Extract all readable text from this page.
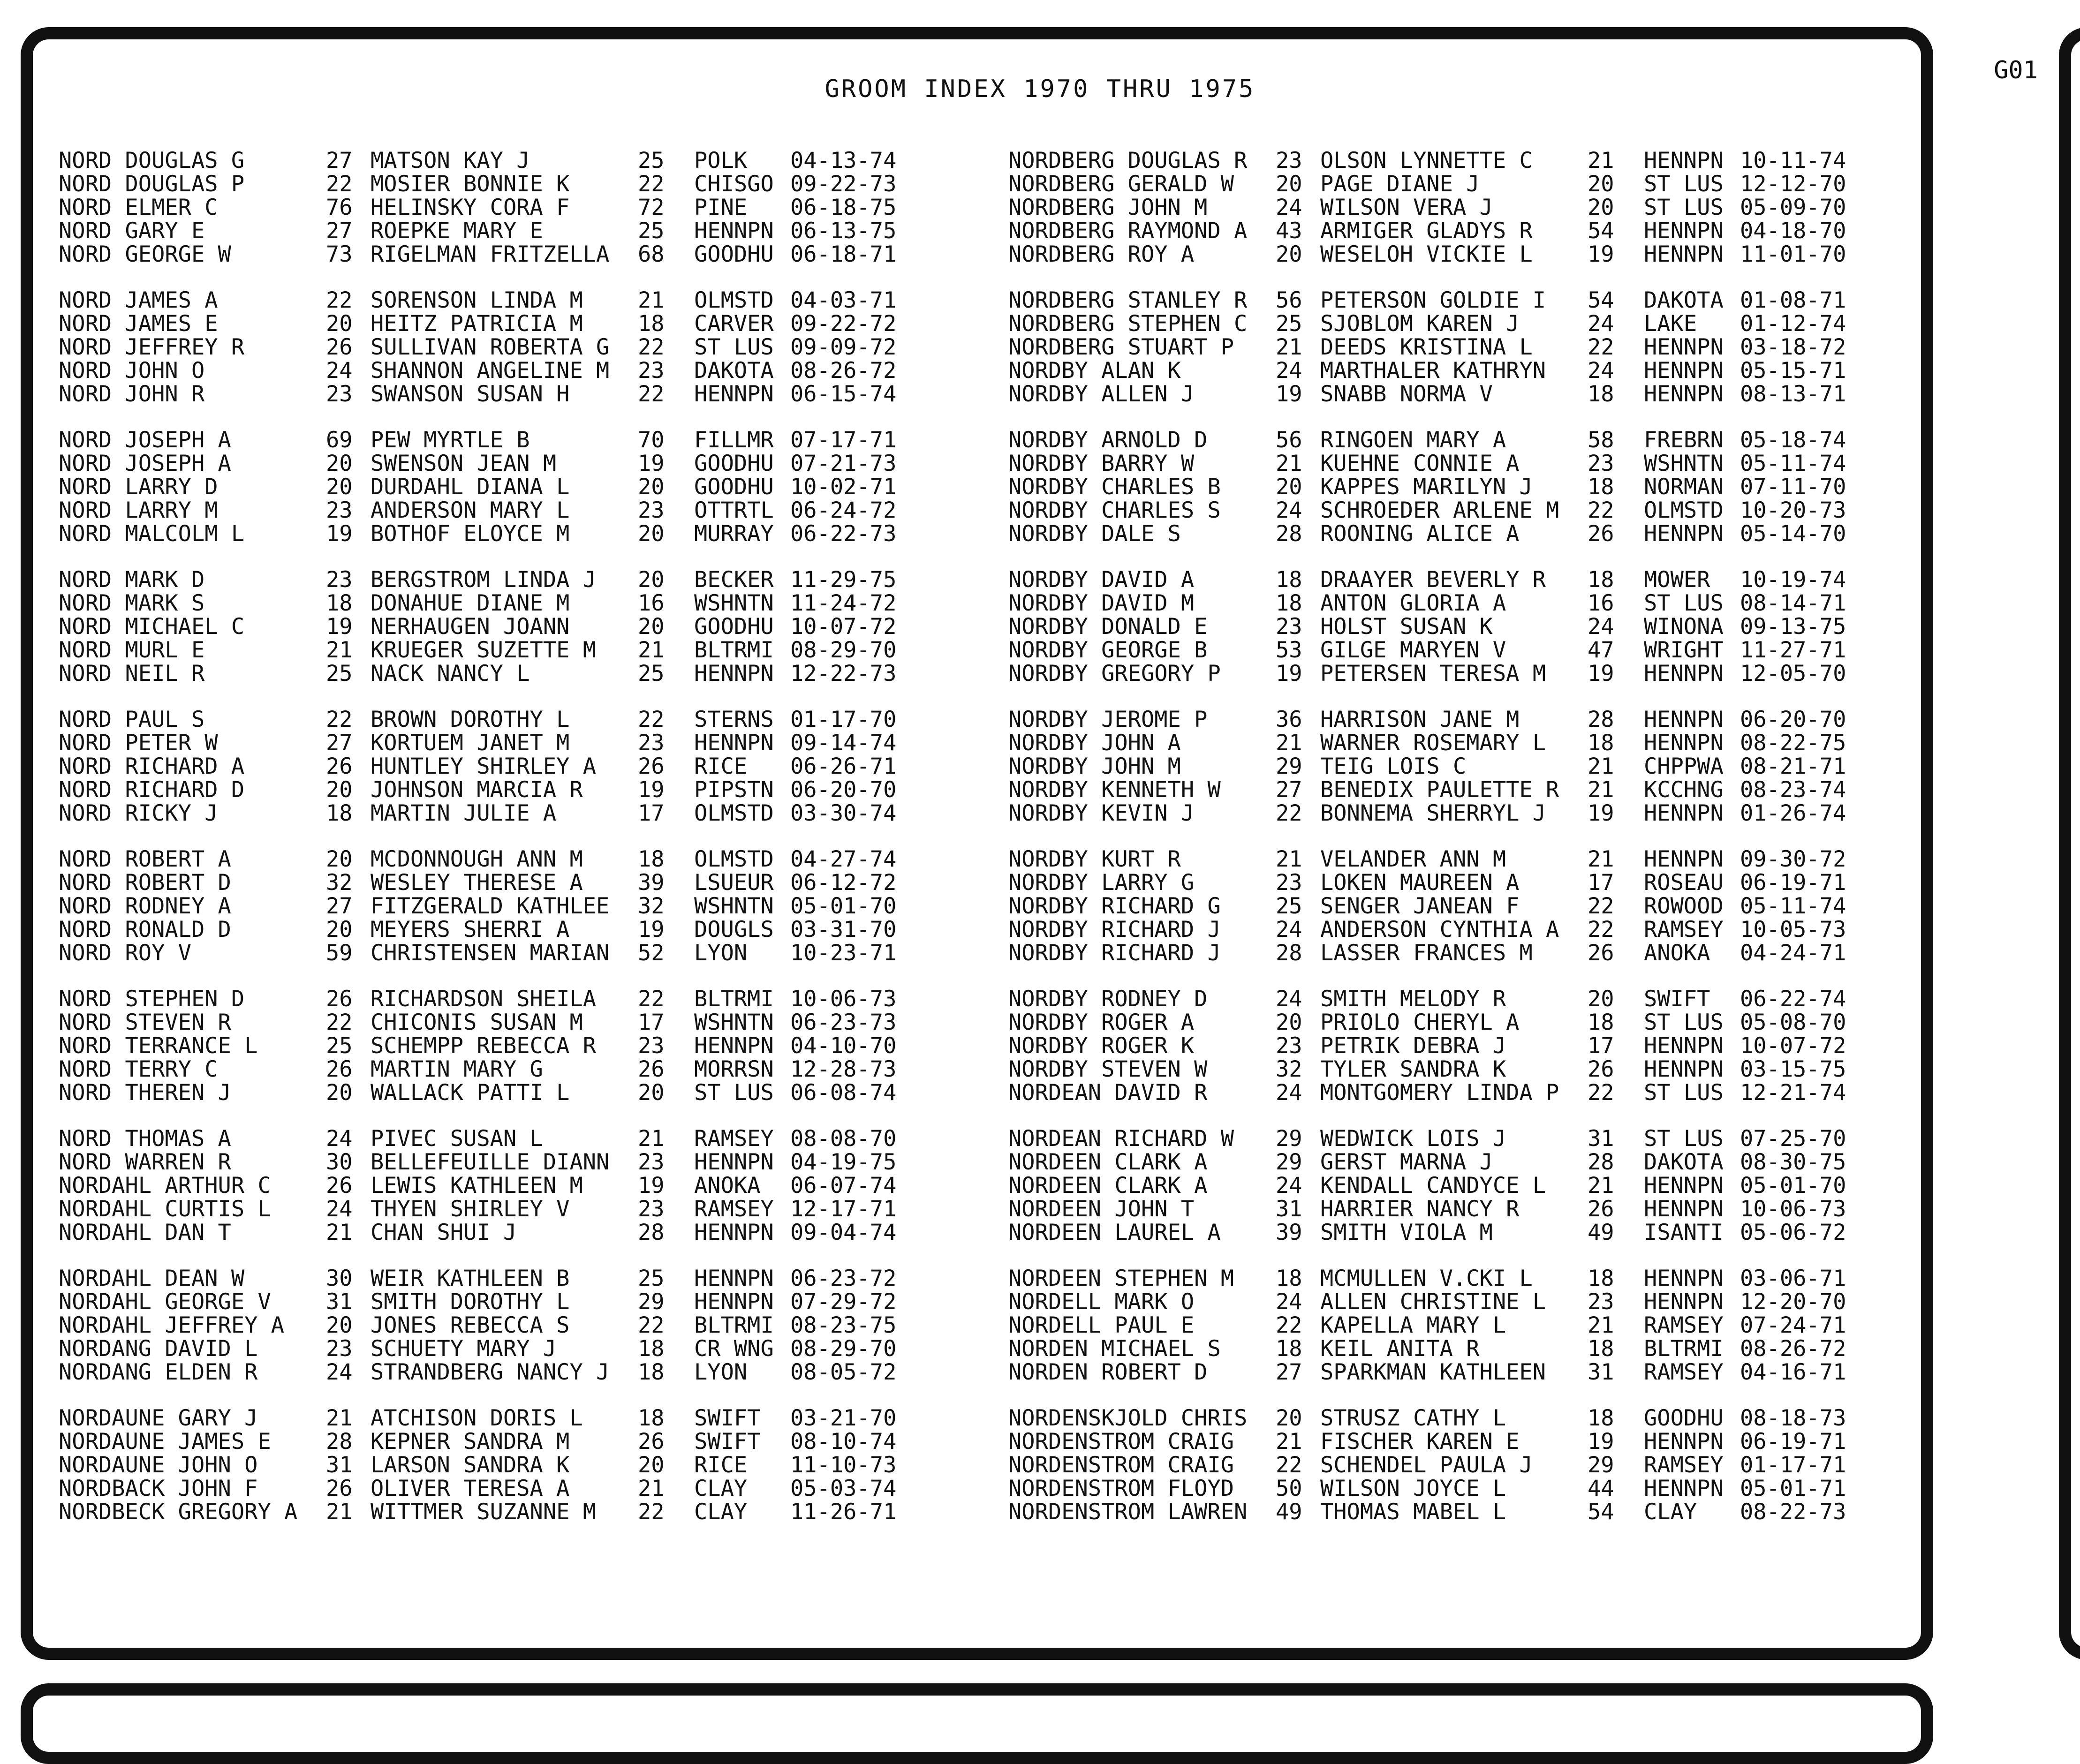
GROOM INDEX 1970 THRU 1975
G01
NORD DOUGLAS G	27 MATSON KAY J	25	POLK	04-13-74
NORD DOUGLAS P	22 MOSIER BONNIE K	22	CHISGO 09-22-73
NORD ELMER C	76 HELINSKY CORA F	72	PINE	06-18-75
NORD GARY E	27 ROEPKE MARY E	25	HENNPN 06-13-75
NORD GEORGE W	73 RIGELMAN FRITZELLA	68	GOODHU 06-18-71
NORD JAMES A	22 SORENSON LINDA M	21	OLMSTD 04-03-71
NORD JAMES E	20 HEITZ PATRICIA M	18	CARVER 09-22-72
NORD JEFFREY R	26 SULLIVAN ROBERTA G	22	ST LUS 09-09-72
NORD JOHN O	24 SHANNON ANGELINE M	23	DAKOTA 08-26-72
NORD JOHN R	23 SWANSON SUSAN H	22	HENNPN 06-15-74
NORD JOSEPH A	69 PEW MYRTLE B	70	FILLMR 07-17-71
NORD JOSEPH A	20 SWENSON JEAN M	19	GOODHU 07-21-73
NORD LARRY D	20 DURDAHL DIANA L	20	GOODHU 10-02-71
NORD LARRY M	23 ANDERSON MARY L	23	OTTRTL 06-24-72
NORD MALCOLM L	19 BOTHOF ELOYCE M	20	MURRAY 06-22-73
NORD MARK D	23 BERGSTROM LINDA J	20	BECKER 11-29-75
NORD MARK S	18 DONAHUE DIANE M	16	WSHNTN 11-24-72
NORD MICHAEL C	19 NERHAUGEN JOANN	20	GOODHU 10-07-72
NORD MURL E	21 KRUEGER SUZETTE M	21	BLTRMI 08-29-70
NORD NEIL R	25 NACK NANCY L	25	HENNPN 12-22-73
NORD PAUL S	22 BROWN DOROTHY L	22	STERNS 01-17-70
NORD PETER W	27 KORTUEM JANET M	23	HENNPN 09-14-74
NORD RICHARD A	26 HUNTLEY SHIRLEY A	26	RICE	06-26-71
NORD RICHARD D	20 JOHNSON MARCIA R	19	PIPSTN 06-20-70
NORD RICKY J	18 MARTIN JULIE A	17	OLMSTD 03-30-74
NORD ROBERT A	20 MCDONNOUGH ANN M	18	OLMSTD 04-27-74
NORD ROBERT D	32 WESLEY THERESE A	39	LSUEUR 06-12-72
NORD RODNEY A	27 FITZGERALD KATHLEE	32	WSHNTN 05-01-70
NORD RONALD D	20 MEYERS SHERRI A	19	DOUGLS 03-31-70
NORD ROY V	59 CHRISTENSEN MARIAN	52	LYON	10-23-71
NORD STEPHEN D	26 RICHARDSON SHEILA	22	BLTRMI 10-06-73
NORD STEVEN R	22 CHICONIS SUSAN M	17	WSHNTN 06-23-73
NORD TERRANCE L	25 SCHEMPP REBECCA R	23	HENNPN 04-10-70
NORD TERRY C	26 MARTIN MARY G	26	MORRSN 12-28-73
NORD THEREN J	20 WALLACK PATTI L	20	ST LUS 06-08-74
NORD THOMAS A	24 PIVEC SUSAN L	21	RAMSEY 08-08-70
NORD WARREN R	30 BELLEFEUILLE DIANN	23	HENNPN 04-19-75
NORDAHL ARTHUR C	26 LEWIS KATHLEEN M	19	ANOKA	06-07-74
NORDAHL CURTIS L	24 THYEN SHIRLEY V	23	RAMSEY 12-17-71
NORDAHL DAN T	21 CHAN SHUI J	28	HENNPN 09-04-74
NORDAHL DEAN W	30 WEIR KATHLEEN B	25	HENNPN 06-23-72
NORDAHL GEORGE V	31 SMITH DOROTHY L	29	HENNPN 07-29-72
NORDAHL JEFFREY A	20 JONES REBECCA S	22	BLTRMI 08-23-75
NORDANG DAVID L	23 SCHUETY MARY J	18	CR WNG 08-29-70
NORDANG ELDEN R	24 STRANDBERG NANCY J	18	LYON	08-05-72
NORDAUNE GARY J	21 ATCHISON DORIS L	18	SWIFT	03-21-70
NORDAUNE JAMES E	28 KEPNER SANDRA M	26	SWIFT	08-10-74
NORDAUNE JOHN O	31 LARSON SANDRA K	20	RICE	11-10-73
NORDBACK JOHN F	26 OLIVER TERESA A	21	CLAY	05-03-74
NORDBECK GREGORY A	21 WITTMER SUZANNE M	22	CLAY	11-26-71
NORDBERG DOUGLAS R	23 OLSON LYNNETTE C	21	HENNPN 10-11-74
NORDBERG GERALD W	20 PAGE DIANE J	20	ST LUS 12-12-70
NORDBERG JOHN M	24 WILSON VERA J	20	ST LUS 05-09-70
NORDBERG RAYMOND A	43 ARMIGER GLADYS R	54	HENNPN 04-18-70
NORDBERG ROY A	20 WESELOH VICKIE L	19	HENNPN 11-01-70
NORDBERG STANLEY R	56 PETERSON GOLDIE I	54	DAKOTA 01-08-71
NORDBERG STEPHEN C	25 SJOBLOM KAREN J	24	LAKE	01-12-74
NORDBERG STUART P	21 DEEDS KRISTINA L	22	HENNPN 03-18-72
NORDBY ALAN K	24 MARTHALER KATHRYN	24	HENNPN 05-15-71
NORDBY ALLEN J	19 SNABB NORMA V	18	HENNPN 08-13-71
NORDBY ARNOLD D	56 RINGOEN MARY A	58	FREBRN 05-18-74
NORDBY BARRY W	21 KUEHNE CONNIE A	23	WSHNTN 05-11-74
NORDBY CHARLES B	20 KAPPES MARILYN J	18	NORMAN 07-11-70
NORDBY CHARLES S	24 SCHROEDER ARLENE M	22	OLMSTD 10-20-73
NORDBY DALE S	28 ROONING ALICE A	26	HENNPN 05-14-70
NORDBY DAVID A	18 DRAAYER BEVERLY R	18	MOWER	10-19-74
NORDBY DAVID M	18 ANTON GLORIA A	16	ST LUS 08-14-71
NORDBY DONALD E	23 HOLST SUSAN K	24	WINONA 09-13-75
NORDBY GEORGE B	53 GILGE MARYEN V	47	WRIGHT 11-27-71
NORDBY GREGORY P	19 PETERSEN TERESA M	19	HENNPN 12-05-70
NORDBY JEROME P	36 HARRISON JANE M	28	HENNPN 06-20-70
NORDBY JOHN A	21 WARNER ROSEMARY L	18	HENNPN 08-22-75
NORDBY JOHN M	29 TEIG LOIS C	21	CHPPWA 08-21-71
NORDBY KENNETH W	27 BENEDIX PAULETTE R	21	KCCHNG 08-23-74
NORDBY KEVIN J	22 BONNEMA SHERRYL J	19	HENNPN 01-26-74
NORDBY KURT R	21 VELANDER ANN M	21	HENNPN 09-30-72
NORDBY LARRY G	23 LOKEN MAUREEN A	17	ROSEAU 06-19-71
NORDBY RICHARD G	25 SENGER JANEAN F	22	ROWOOD 05-11-74
NORDBY RICHARD J	24 ANDERSON CYNTHIA A	22	RAMSEY 10-05-73
NORDBY RICHARD J	28 LASSER FRANCES M	26	ANOKA	04-24-71
NORDBY RODNEY D	24 SMITH MELODY R	20	SWIFT	06-22-74
NORDBY ROGER A	20 PRIOLO CHERYL A	18	ST LUS 05-08-70
NORDBY ROGER K	23 PETRIK DEBRA J	17	HENNPN 10-07-72
NORDBY STEVEN W	32 TYLER SANDRA K	26	HENNPN 03-15-75
NORDEAN DAVID R	24 MONTGOMERY LINDA P	22	ST LUS 12-21-74
NORDEAN RICHARD W	29 WEDWICK LOIS J	31	ST LUS 07-25-70
NORDEEN CLARK A	29 GERST MARNA J	28	DAKOTA 08-30-75
NORDEEN CLARK A	24 KENDALL CANDYCE L	21	HENNPN 05-01-70
NORDEEN JOHN T	31 HARRIER NANCY R	26	HENNPN 10-06-73
NORDEEN LAUREL A	39 SMITH VIOLA M	49	ISANTI 05-06-72
NORDEEN STEPHEN M	18 MCMULLEN V.CKI L	18	HENNPN 03-06-71
NORDELL MARK O	24 ALLEN CHRISTINE L	23	HENNPN 12-20-70
NORDELL PAUL E	22 KAPELLA MARY L	21	RAMSEY 07-24-71
NORDEN MICHAEL S	18 KEIL ANITA R	18	BLTRMI 08-26-72
NORDEN ROBERT D	27 SPARKMAN KATHLEEN	31	RAMSEY 04-16-71
NORDENSKJOLD CHRIS	20 STRUSZ CATHY L	18	GOODHU 08-18-73
NORDENSTROM CRAIG	21 FISCHER KAREN E	19	HENNPN 06-19-71
NORDENSTROM CRAIG	22 SCHENDEL PAULA J	29	RAMSEY 01-17-71
NORDENSTROM FLOYD	50 WILSON JOYCE L	44	HENNPN 05-01-71
NORDENSTROM LAWREN	49 THOMAS MABEL L	54	CLAY	08-22-73
